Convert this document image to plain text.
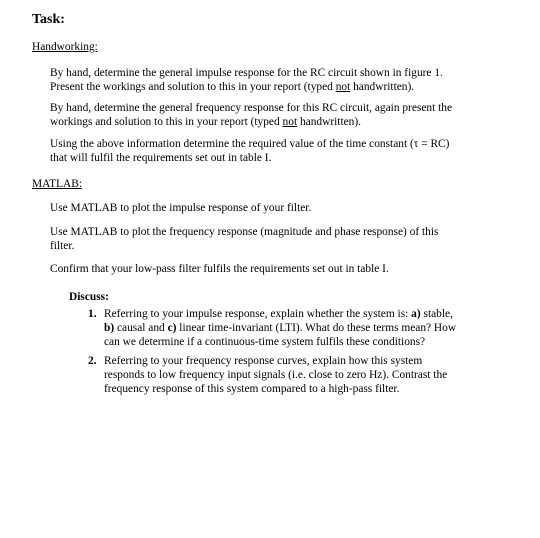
Task:
Handworking:
By hand, determine the general impulse response for the RC circuit shown in figure 1.
Present the workings and solution to this in your report (typed not handwritten).
By hand, determine the general frequency response for this RC circuit, again present the
workings and solution to this in your report (typed not handwritten).
Using the above information determine the required value of the time constant (τ = RC)
that will fulfil the requirements set out in table I.
MATLAB:
Use MATLAB to plot the impulse response of your filter.
Use MATLAB to plot the frequency response (magnitude and phase response) of this
filter.
Confirm that your low-pass filter fulfils the requirements set out in table I.
Discuss:
1. Referring to your impulse response, explain whether the system is: a) stable,
b) causal and c) linear time-invariant (LTI). What do these terms mean? How
can we determine if a continuous-time system fulfils these conditions?
2. Referring to your frequency response curves, explain how this system
responds to low frequency input signals (i.e. close to zero Hz). Contrast the
frequency response of this system compared to a high-pass filter.
